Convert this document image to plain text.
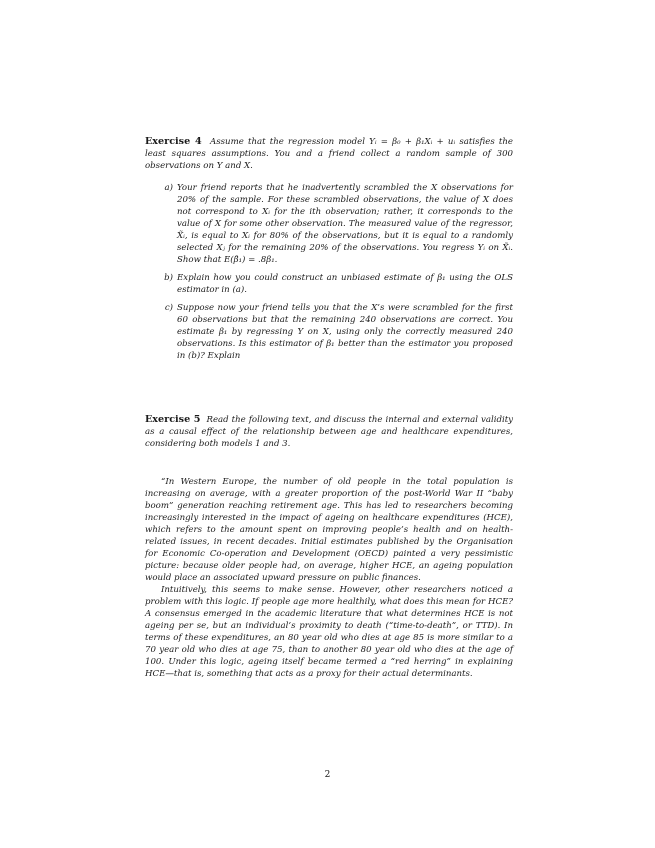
Exercise 4 Assume that the regression model Yᵢ = β₀ + β₁Xᵢ + uᵢ satisfies the least squares assumptions. You and a friend collect a random sample of 300 observations on Y and X.

a) Your friend reports that he inadvertently scrambled the X observations for 20% of the sample. For these scrambled observations, the value of X does not correspond to Xᵢ for the ith observation; rather, it corresponds to the value of X for some other observation. The measured value of the regressor, X̃ᵢ, is equal to Xᵢ for 80% of the observations, but it is equal to a randomly selected Xⱼ for the remaining 20% of the observations. You regress Yᵢ on X̃ᵢ. Show that E(β̂₁) = .8β₁.
b) Explain how you could construct an unbiased estimate of β₁ using the OLS estimator in (a).
c) Suppose now your friend tells you that the X’s were scrambled for the first 60 observations but that the remaining 240 observations are correct. You estimate β₁ by regressing Y on X, using only the correctly measured 240 observations. Is this estimator of β₁ better than the estimator you proposed in (b)? Explain

Exercise 5 Read the following text, and discuss the internal and external validity as a causal effect of the relationship between age and healthcare expenditures, considering both models 1 and 3.

“In Western Europe, the number of old people in the total population is increasing on average, with a greater proportion of the post-World War II “baby boom” generation reaching retirement age. This has led to researchers becoming increasingly interested in the impact of ageing on healthcare expenditures (HCE), which refers to the amount spent on improving people’s health and on health-related issues, in recent decades. Initial estimates published by the Organisation for Economic Co-operation and Development (OECD) painted a very pessimistic picture: because older people had, on average, higher HCE, an ageing population would place an associated upward pressure on public finances.

Intuitively, this seems to make sense. However, other researchers noticed a problem with this logic. If people age more healthily, what does this mean for HCE? A consensus emerged in the academic literature that what determines HCE is not ageing per se, but an individual’s proximity to death (“time-to-death”, or TTD). In terms of these expenditures, an 80 year old who dies at age 85 is more similar to a 70 year old who dies at age 75, than to another 80 year old who dies at the age of 100. Under this logic, ageing itself became termed a “red herring” in explaining HCE—that is, something that acts as a proxy for their actual determinants.

2
